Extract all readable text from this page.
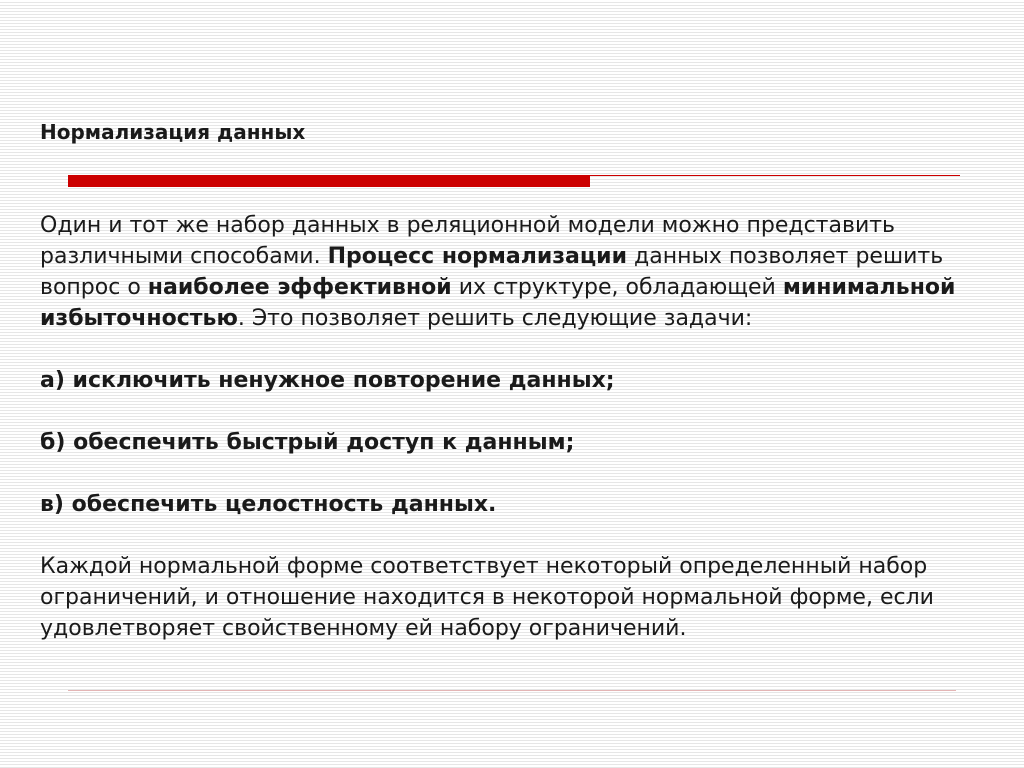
Нормализация данных

Один и тот же набор данных в реляционной модели можно представить различными способами. Процесс нормализации данных позволяет решить вопрос о наиболее эффективной их структуре, обладающей минимальной избыточностью. Это позволяет решить следующие задачи:

а) исключить ненужное повторение данных;

б) обеспечить быстрый доступ к данным;

в) обеспечить целостность данных.

Каждой нормальной форме соответствует некоторый определенный набор ограничений, и отношение находится в некоторой нормальной форме, если удовлетворяет свойственному ей набору ограничений.
